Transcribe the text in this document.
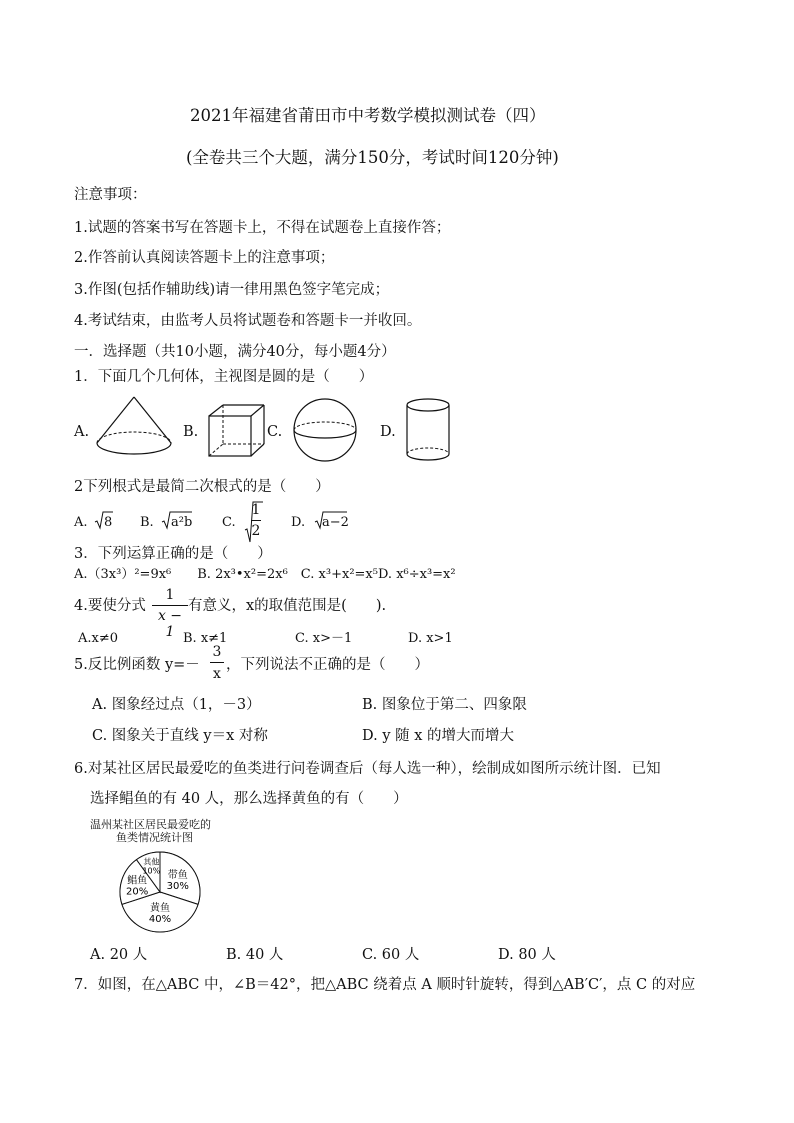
2021年福建省莆田市中考数学模拟测试卷（四）
(全卷共三个大题，满分150分，考试时间120分钟)
注意事项：
1.试题的答案书写在答题卡上，不得在试题卷上直接作答；
2.作答前认真阅读答题卡上的注意事项；
3.作图(包括作辅助线)请一律用黑色签字笔完成；
4.考试结束，由监考人员将试题卷和答题卡一并收回。
一．选择题（共10小题，满分40分，每小题4分）
1．下面几个几何体，主视图是圆的是（　　）
A.	B.	C.	D.
2下列根式是最简二次根式的是（　　）
A. 8 B. a²b C.
1
2
D. a−2
3．下列运算正确的是（　　）
A.（3x³）²=9x⁶　　B. 2x³•x²=2x⁶　C. x³+x²=x⁵D. x⁶÷x³=x²
4.要使分式
1
x − 1
有意义，x的取值范围是(　　).
A.x≠0	B. x≠1	C. x>－1	D. x>1
5.反比例函数 y=－
3
x
，下列说法不正确的是（　　）
A. 图象经过点（1，－3）	B. 图象位于第二、四象限
C. 图象关于直线 y＝x 对称	D. y 随 x 的增大而增大
6.对某社区居民最爱吃的鱼类进行问卷调查后（每人选一种），绘制成如图所示统计图．已知
选择鲳鱼的有 40 人，那么选择黄鱼的有（　　）
温州某社区居民最爱吃的
鱼类情况统计图
带鱼
30%
黄鱼
40%
鲳鱼
20%
其他
10%
A. 20 人	B. 40 人	C. 60 人	D. 80 人
7．如图，在△ABC 中，∠B＝42°，把△ABC 绕着点 A 顺时针旋转，得到△AB′C′，点 C 的对应
